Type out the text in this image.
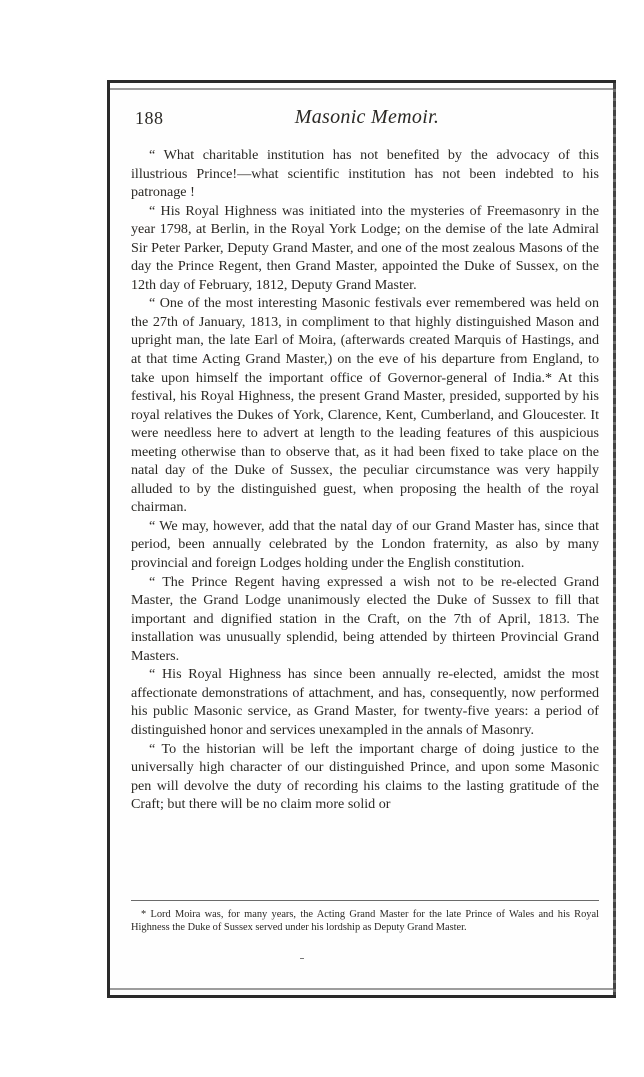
188	Masonic Memoir.

“ What charitable institution has not benefited by the advocacy of this illustrious Prince!—what scientific institution has not been indebted to his patronage !

“ His Royal Highness was initiated into the mysteries of Freemasonry in the year 1798, at Berlin, in the Royal York Lodge; on the demise of the late Admiral Sir Peter Parker, Deputy Grand Master, and one of the most zealous Masons of the day the Prince Regent, then Grand Master, appointed the Duke of Sussex, on the 12th day of February, 1812, Deputy Grand Master.

“ One of the most interesting Masonic festivals ever remembered was held on the 27th of January, 1813, in compliment to that highly distinguished Mason and upright man, the late Earl of Moira, (afterwards created Marquis of Hastings, and at that time Acting Grand Master,) on the eve of his departure from England, to take upon himself the important office of Governor-general of India.* At this festival, his Royal Highness, the present Grand Master, presided, supported by his royal relatives the Dukes of York, Clarence, Kent, Cumberland, and Gloucester. It were needless here to advert at length to the leading features of this auspicious meeting otherwise than to observe that, as it had been fixed to take place on the natal day of the Duke of Sussex, the peculiar circumstance was very happily alluded to by the distinguished guest, when proposing the health of the royal chairman.

“ We may, however, add that the natal day of our Grand Master has, since that period, been annually celebrated by the London fraternity, as also by many provincial and foreign Lodges holding under the English constitution.

“ The Prince Regent having expressed a wish not to be re-elected Grand Master, the Grand Lodge unanimously elected the Duke of Sussex to fill that important and dignified station in the Craft, on the 7th of April, 1813. The installation was unusually splendid, being attended by thirteen Provincial Grand Masters.

“ His Royal Highness has since been annually re-elected, amidst the most affectionate demonstrations of attachment, and has, consequently, now performed his public Masonic service, as Grand Master, for twenty-five years: a period of distinguished honor and services unexampled in the annals of Masonry.

“ To the historian will be left the important charge of doing justice to the universally high character of our distinguished Prince, and upon some Masonic pen will devolve the duty of recording his claims to the lasting gratitude of the Craft; but there will be no claim more solid or

* Lord Moira was, for many years, the Acting Grand Master for the late Prince of Wales and his Royal Highness the Duke of Sussex served under his lordship as Deputy Grand Master.
